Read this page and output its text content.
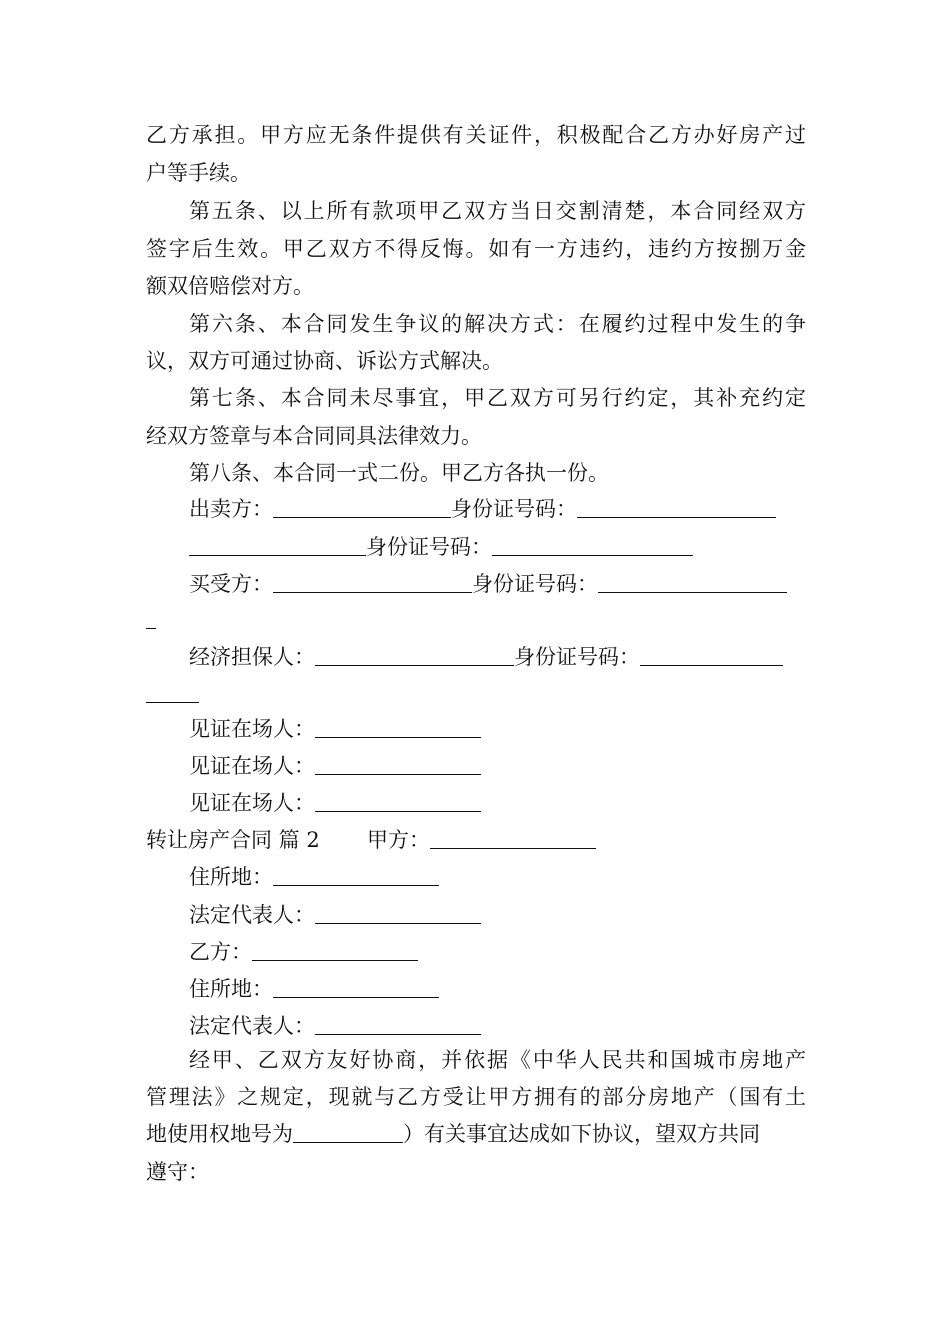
乙方承担。甲方应无条件提供有关证件，积极配合乙方办好房产过
户等手续。
第五条、以上所有款项甲乙双方当日交割清楚，本合同经双方
签字后生效。甲乙双方不得反悔。如有一方违约，违约方按捌万金
额双倍赔偿对方。
第六条、本合同发生争议的解决方式：在履约过程中发生的争
议，双方可通过协商、诉讼方式解决。
第七条、本合同未尽事宜，甲乙双方可另行约定，其补充约定
经双方签章与本合同同具法律效力。
第八条、本合同一式二份。甲乙方各执一份。
出卖方：	身份证号码：
身份证号码：
买受方：	身份证号码：
经济担保人：	身份证号码：
见证在场人：
见证在场人：
见证在场人：
转让房产合同 篇 2 甲方：
住所地：
法定代表人：
乙方：
住所地：
法定代表人：
经甲、乙双方友好协商，并依据《中华人民共和国城市房地产
管理法》之规定，现就与乙方受让甲方拥有的部分房地产（国有土
地使用权地号为	）有关事宜达成如下协议，望双方共同
遵守：
